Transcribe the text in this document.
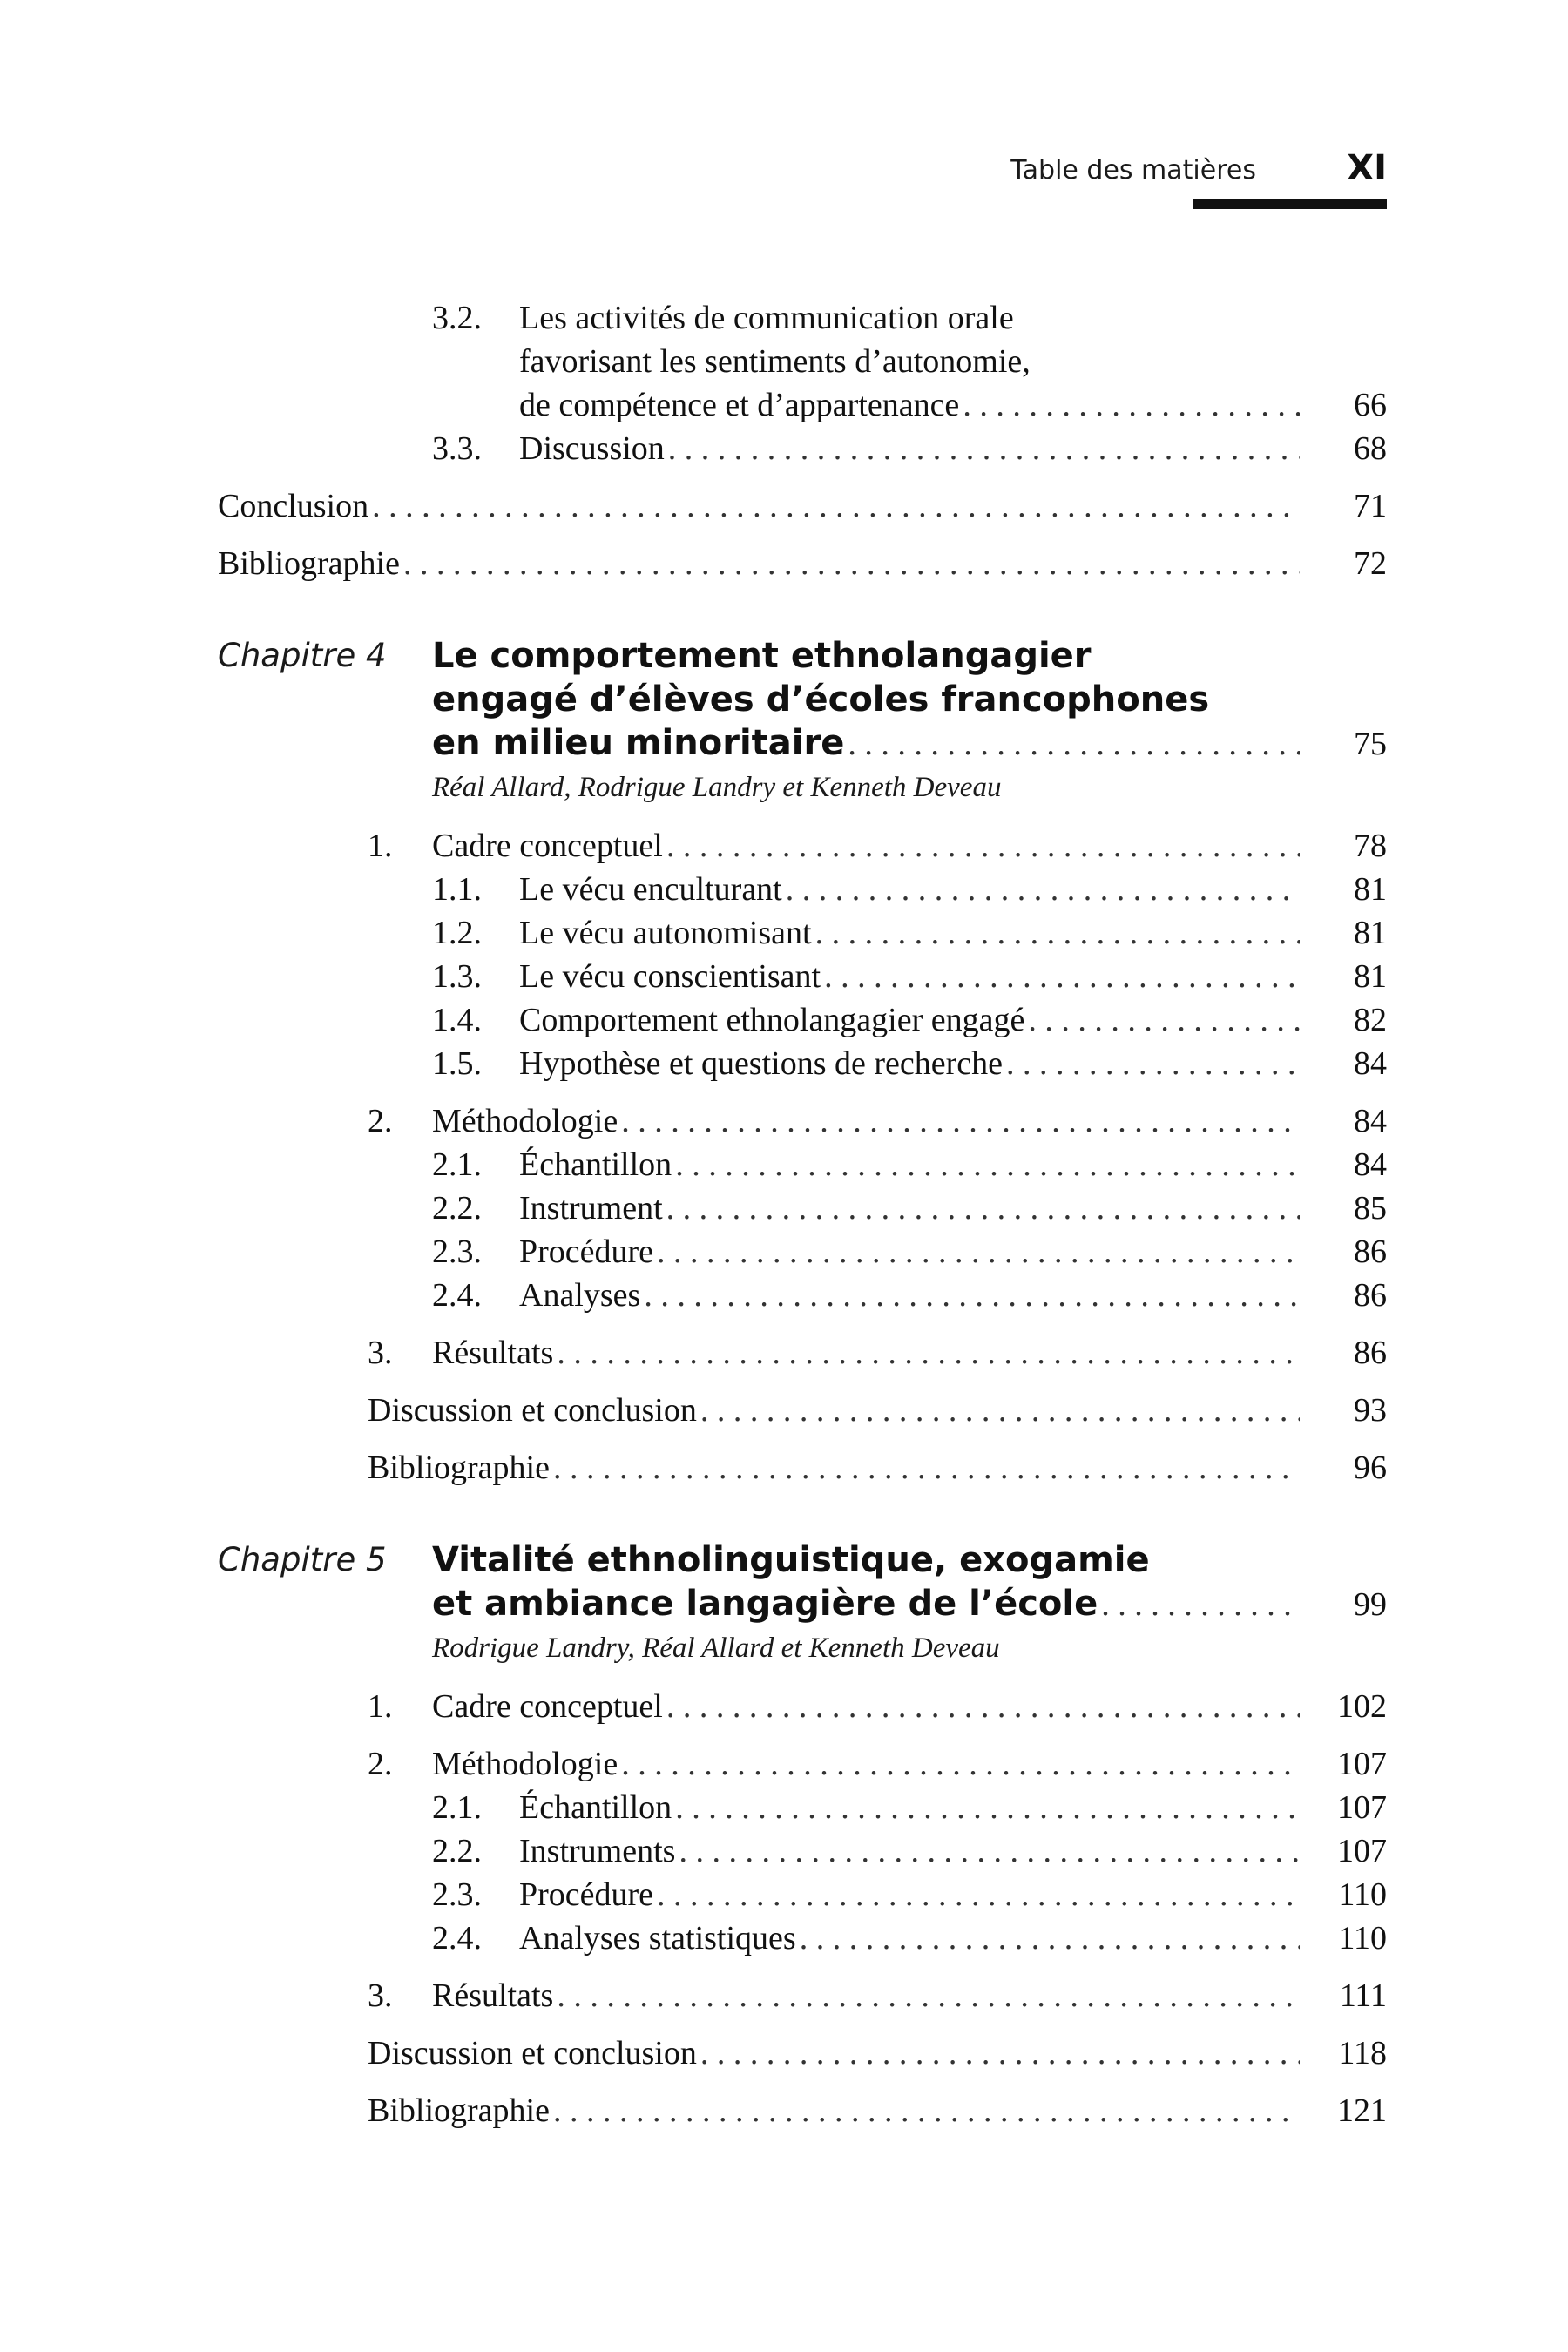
Table des matières	XI
3.2.	Les activités de communication orale
favorisant les sentiments d’autonomie,
de compétence et d’appartenance . . .	66
3.3.	Discussion . . .	68
Conclusion . . .	71
Bibliographie . . .	72
Chapitre 4	Le comportement ethnolangagier
engagé d’élèves d’écoles francophones
en milieu minoritaire . . .	75
Réal Allard, Rodrigue Landry et Kenneth Deveau
1.	Cadre conceptuel . . .	78
1.1.	Le vécu enculturant . . .	81
1.2.	Le vécu autonomisant . . .	81
1.3.	Le vécu conscientisant . . .	81
1.4.	Comportement ethnolangagier engagé . . .	82
1.5.	Hypothèse et questions de recherche . . .	84
2.	Méthodologie . . .	84
2.1.	Échantillon . . .	84
2.2.	Instrument . . .	85
2.3.	Procédure . . .	86
2.4.	Analyses . . .	86
3.	Résultats . . .	86
Discussion et conclusion . . .	93
Bibliographie . . .	96
Chapitre 5	Vitalité ethnolinguistique, exogamie
et ambiance langagière de l’école . . .	99
Rodrigue Landry, Réal Allard et Kenneth Deveau
1.	Cadre conceptuel . . .	102
2.	Méthodologie . . .	107
2.1.	Échantillon . . .	107
2.2.	Instruments . . .	107
2.3.	Procédure . . .	110
2.4.	Analyses statistiques . . .	110
3.	Résultats . . .	111
Discussion et conclusion . . .	118
Bibliographie . . .	121
